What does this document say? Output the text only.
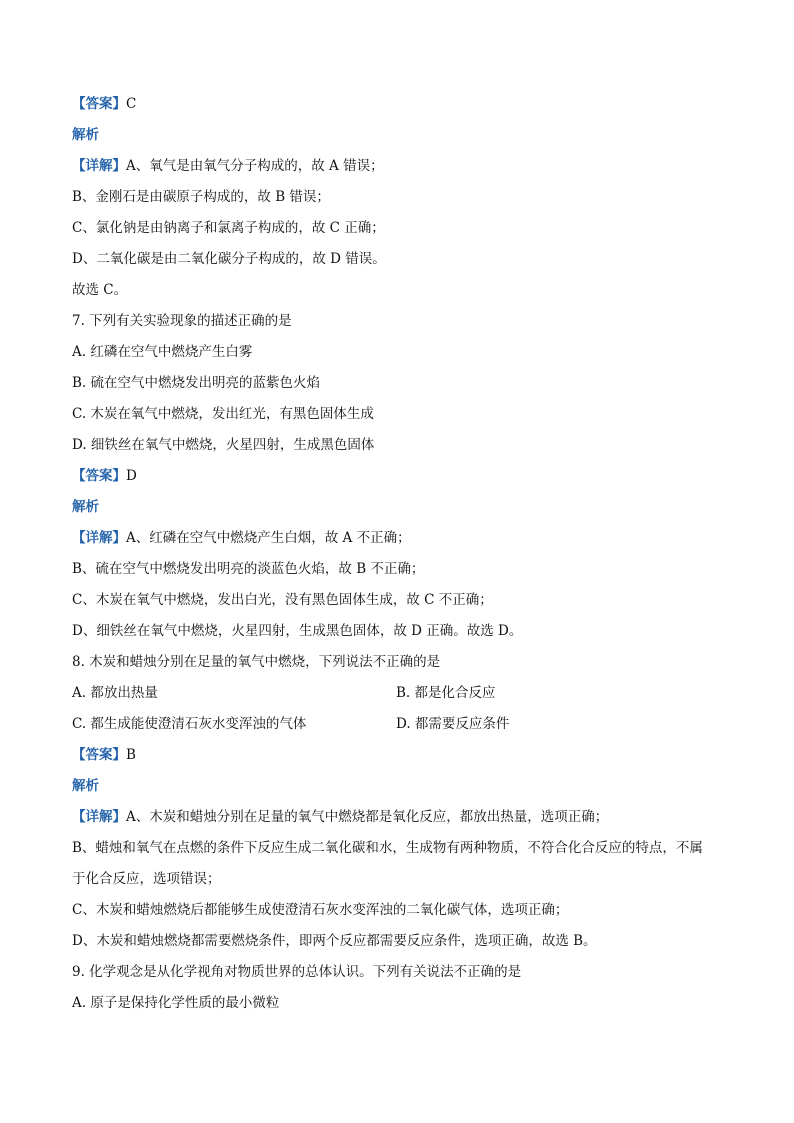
【答案】C
解析
【详解】A、氧气是由氧气分子构成的，故 A 错误；
B、金刚石是由碳原子构成的，故 B 错误；
C、氯化钠是由钠离子和氯离子构成的，故 C 正确；
D、二氧化碳是由二氧化碳分子构成的，故 D 错误。
故选 C。
7. 下列有关实验现象的描述正确的是
A. 红磷在空气中燃烧产生白雾
B. 硫在空气中燃烧发出明亮的蓝紫色火焰
C. 木炭在氧气中燃烧，发出红光，有黑色固体生成
D. 细铁丝在氧气中燃烧，火星四射，生成黑色固体
【答案】D
解析
【详解】A、红磷在空气中燃烧产生白烟，故 A 不正确；
B、硫在空气中燃烧发出明亮的淡蓝色火焰，故 B 不正确；
C、木炭在氧气中燃烧，发出白光，没有黑色固体生成，故 C 不正确；
D、细铁丝在氧气中燃烧，火星四射，生成黑色固体，故 D 正确。故选 D。
8. 木炭和蜡烛分别在足量的氧气中燃烧，下列说法不正确的是
A. 都放出热量	B. 都是化合反应
C. 都生成能使澄清石灰水变浑浊的气体	D. 都需要反应条件
【答案】B
解析
【详解】A、木炭和蜡烛分别在足量的氧气中燃烧都是氧化反应，都放出热量，选项正确；
B、蜡烛和氧气在点燃的条件下反应生成二氧化碳和水，生成物有两种物质，不符合化合反应的特点，不属
于化合反应，选项错误；
C、木炭和蜡烛燃烧后都能够生成使澄清石灰水变浑浊的二氧化碳气体，选项正确；
D、木炭和蜡烛燃烧都需要燃烧条件，即两个反应都需要反应条件，选项正确，故选 B。
9. 化学观念是从化学视角对物质世界的总体认识。下列有关说法不正确的是
A. 原子是保持化学性质的最小微粒
